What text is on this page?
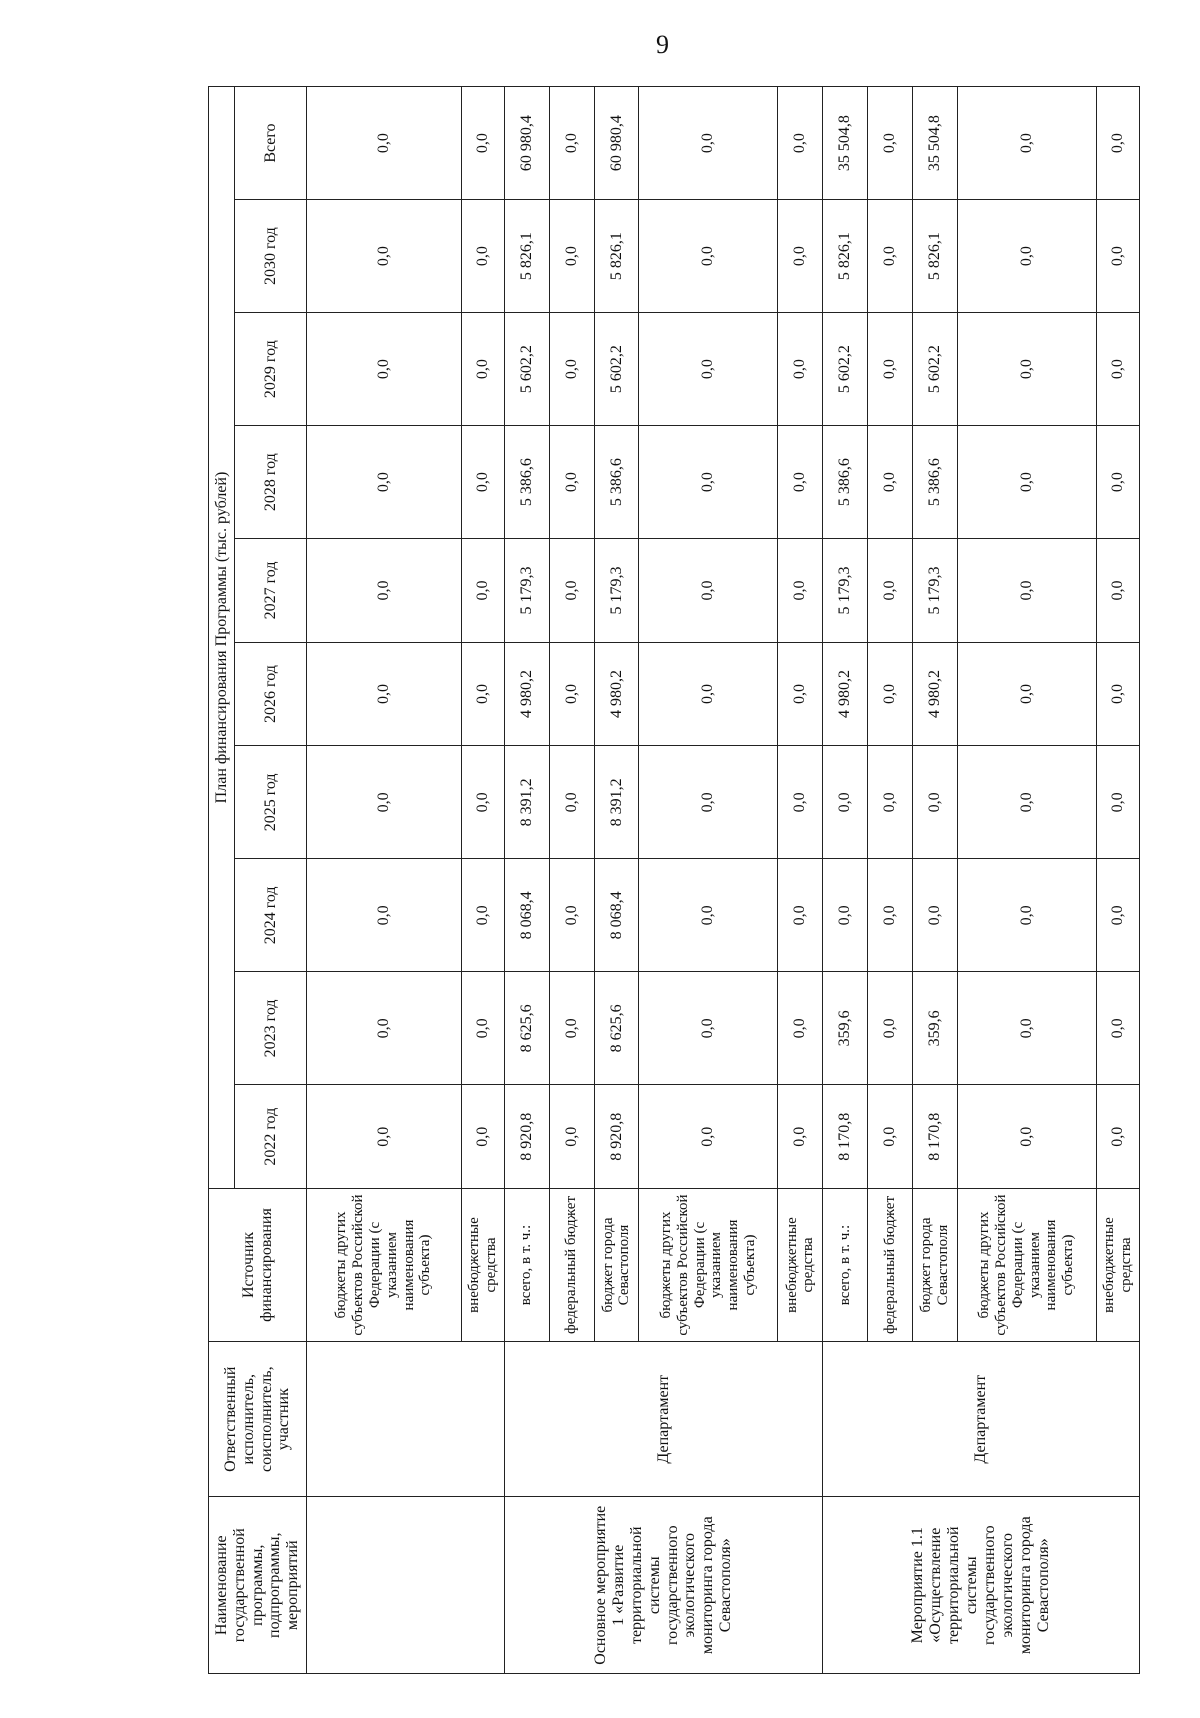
9
Наименование государственной программы, подпрограммы, мероприятий	Ответственный исполнитель, соисполнитель, участник	Источник финансирования	План финансирования Программы (тыс. рублей)									
			2022 год	2023 год	2024 год	2025 год	2026 год	2027 год	2028 год	2029 год	2030 год	Всего
		бюджеты других субъектов Российской Федерации (с указанием наименования субъекта)	0,0	0,0	0,0	0,0	0,0	0,0	0,0	0,0	0,0	0,0
		внебюджетные средства	0,0	0,0	0,0	0,0	0,0	0,0	0,0	0,0	0,0	0,0
Основное мероприятие 1 «Развитие территориальной системы государственного экологического мониторинга города Севастополя»	Департамент	всего, в т. ч.:	8 920,8	8 625,6	8 068,4	8 391,2	4 980,2	5 179,3	5 386,6	5 602,2	5 826,1	60 980,4
		федеральный бюджет	0,0	0,0	0,0	0,0	0,0	0,0	0,0	0,0	0,0	0,0
		бюджет города Севастополя	8 920,8	8 625,6	8 068,4	8 391,2	4 980,2	5 179,3	5 386,6	5 602,2	5 826,1	60 980,4
		бюджеты других субъектов Российской Федерации (с указанием наименования субъекта)	0,0	0,0	0,0	0,0	0,0	0,0	0,0	0,0	0,0	0,0
		внебюджетные средства	0,0	0,0	0,0	0,0	0,0	0,0	0,0	0,0	0,0	0,0
Мероприятие 1.1 «Осуществление территориальной системы государственного экологического мониторинга города Севастополя»	Департамент	всего, в т. ч.:	8 170,8	359,6	0,0	0,0	4 980,2	5 179,3	5 386,6	5 602,2	5 826,1	35 504,8
		федеральный бюджет	0,0	0,0	0,0	0,0	0,0	0,0	0,0	0,0	0,0	0,0
		бюджет города Севастополя	8 170,8	359,6	0,0	0,0	4 980,2	5 179,3	5 386,6	5 602,2	5 826,1	35 504,8
		бюджеты других субъектов Российской Федерации (с указанием наименования субъекта)	0,0	0,0	0,0	0,0	0,0	0,0	0,0	0,0	0,0	0,0
		внебюджетные средства	0,0	0,0	0,0	0,0	0,0	0,0	0,0	0,0	0,0	0,0
